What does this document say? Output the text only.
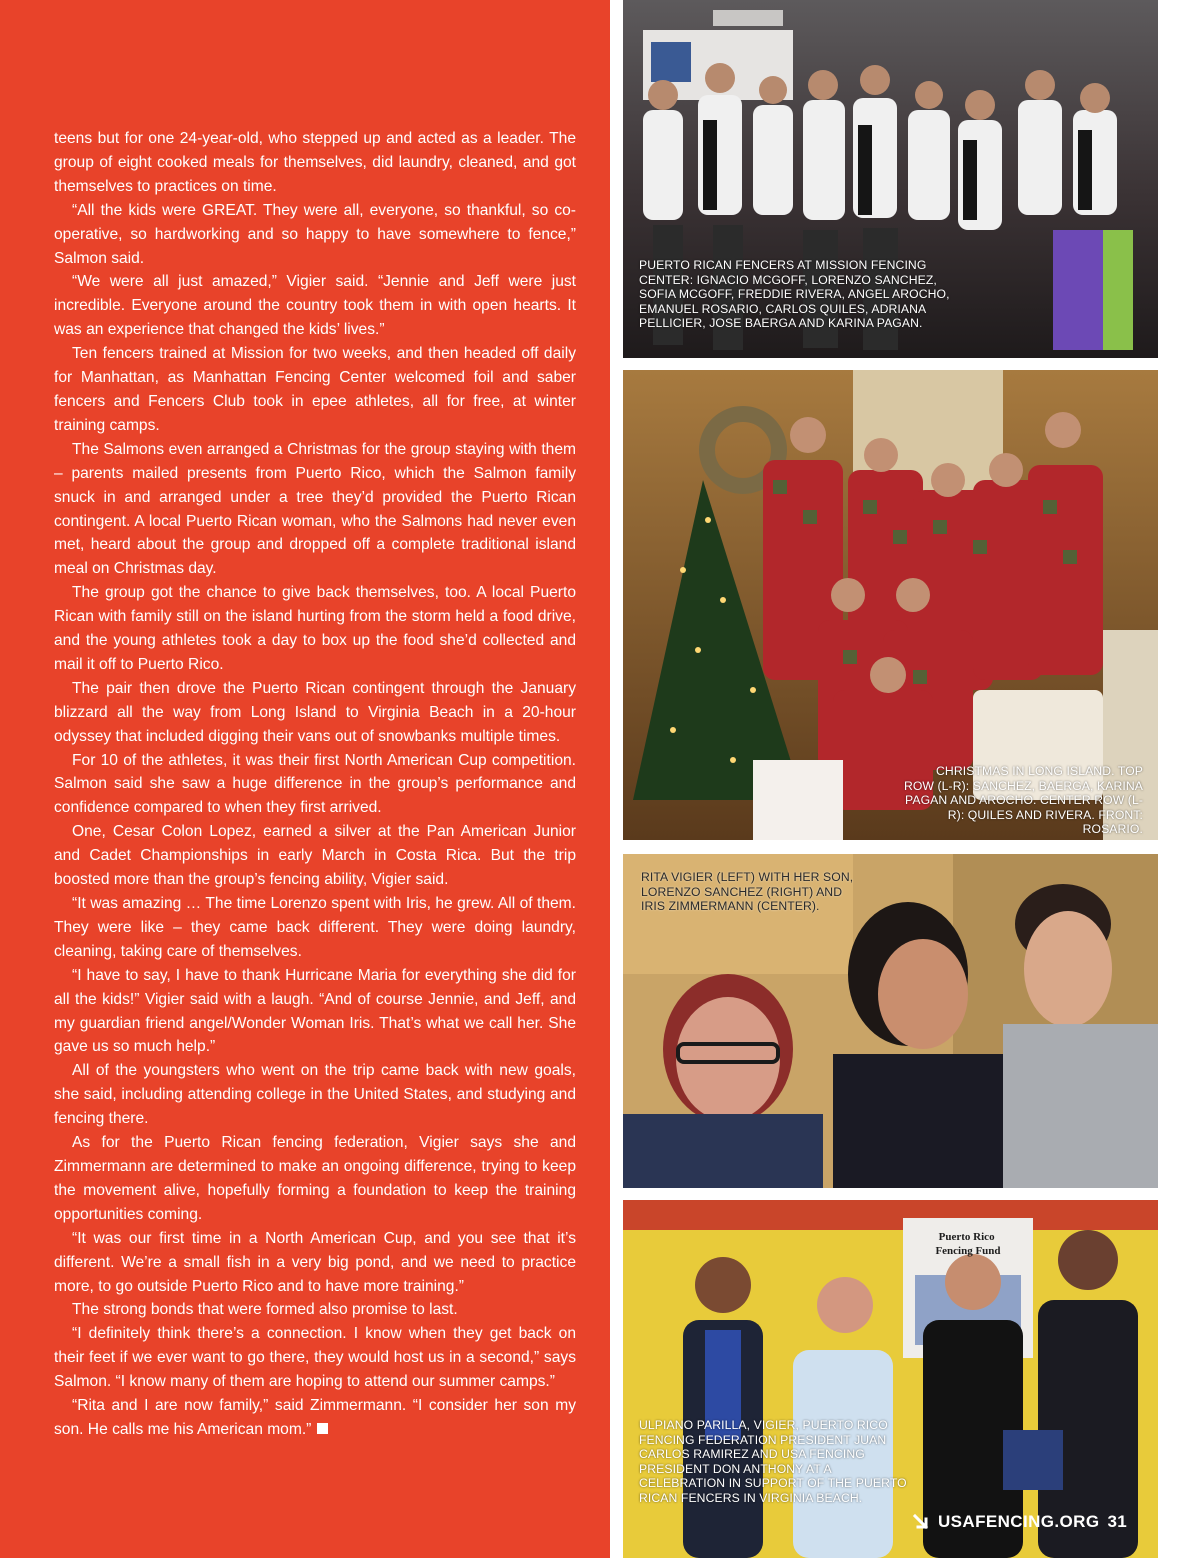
teens but for one 24-year-old, who stepped up and acted as a leader. The group of eight cooked meals for themselves, did laundry, cleaned, and got themselves to practices on time.

“All the kids were GREAT. They were all, everyone, so thankful, so co-operative, so hardworking and so happy to have somewhere to fence,” Salmon said.

“We were all just amazed,” Vigier said. “Jennie and Jeff were just incredible. Everyone around the country took them in with open hearts. It was an experience that changed the kids’ lives.”

Ten fencers trained at Mission for two weeks, and then headed off daily for Manhattan, as Manhattan Fencing Center welcomed foil and saber fencers and Fencers Club took in epee athletes, all for free, at winter training camps.

The Salmons even arranged a Christmas for the group staying with them – parents mailed presents from Puerto Rico, which the Salmon family snuck in and arranged under a tree they’d provided the Puerto Rican contingent. A local Puerto Rican woman, who the Salmons had never even met, heard about the group and dropped off a complete traditional island meal on Christmas day.

The group got the chance to give back themselves, too. A local Puerto Rican with family still on the island hurting from the storm held a food drive, and the young athletes took a day to box up the food she’d collected and mail it off to Puerto Rico.

The pair then drove the Puerto Rican contingent through the January blizzard all the way from Long Island to Virginia Beach in a 20-hour odyssey that included digging their vans out of snowbanks multiple times.

For 10 of the athletes, it was their first North American Cup competition. Salmon said she saw a huge difference in the group’s performance and confidence compared to when they first arrived.

One, Cesar Colon Lopez, earned a silver at the Pan American Junior and Cadet Championships in early March in Costa Rica. But the trip boosted more than the group’s fencing ability, Vigier said.

“It was amazing … The time Lorenzo spent with Iris, he grew. All of them. They were like – they came back different. They were doing laundry, cleaning, taking care of themselves.

“I have to say, I have to thank Hurricane Maria for everything she did for all the kids!” Vigier said with a laugh. “And of course Jennie, and Jeff, and my guardian friend angel/Wonder Woman Iris. That’s what we call her. She gave us so much help.”

All of the youngsters who went on the trip came back with new goals, she said, including attending college in the United States, and studying and fencing there.

As for the Puerto Rican fencing federation, Vigier says she and Zimmermann are determined to make an ongoing difference, trying to keep the movement alive, hopefully forming a foundation to keep the training opportunities coming.

“It was our first time in a North American Cup, and you see that it’s different. We’re a small fish in a very big pond, and we need to practice more, to go outside Puerto Rico and to have more training.”

The strong bonds that were formed also promise to last.

“I definitely think there’s a connection. I know when they get back on their feet if we ever want to go there, they would host us in a second,” says Salmon. “I know many of them are hoping to attend our summer camps.”

“Rita and I are now family,” said Zimmermann. “I consider her son my son. He calls me his American mom.”

PUERTO RICAN FENCERS AT MISSION FENCING CENTER: IGNACIO MCGOFF, LORENZO SANCHEZ, SOFIA MCGOFF, FREDDIE RIVERA, ANGEL AROCHO, EMANUEL ROSARIO, CARLOS QUILES, ADRIANA PELLICIER, JOSE BAERGA AND KARINA PAGAN.
CHRISTMAS IN LONG ISLAND. TOP ROW (L-R): SANCHEZ, BAERGA, KARINA PAGAN AND AROCHO. CENTER ROW (L-R): QUILES AND RIVERA. FRONT: ROSARIO.
RITA VIGIER (LEFT) WITH HER SON, LORENZO SANCHEZ (RIGHT) AND IRIS ZIMMERMANN (CENTER).
Puerto Rico Fencing Fund
ULPIANO PARILLA, VIGIER, PUERTO RICO FENCING FEDERATION PRESIDENT JUAN CARLOS RAMIREZ AND USA FENCING PRESIDENT DON ANTHONY AT A CELEBRATION IN SUPPORT OF THE PUERTO RICAN FENCERS IN VIRGINIA BEACH.
USAFENCING.ORG 31
